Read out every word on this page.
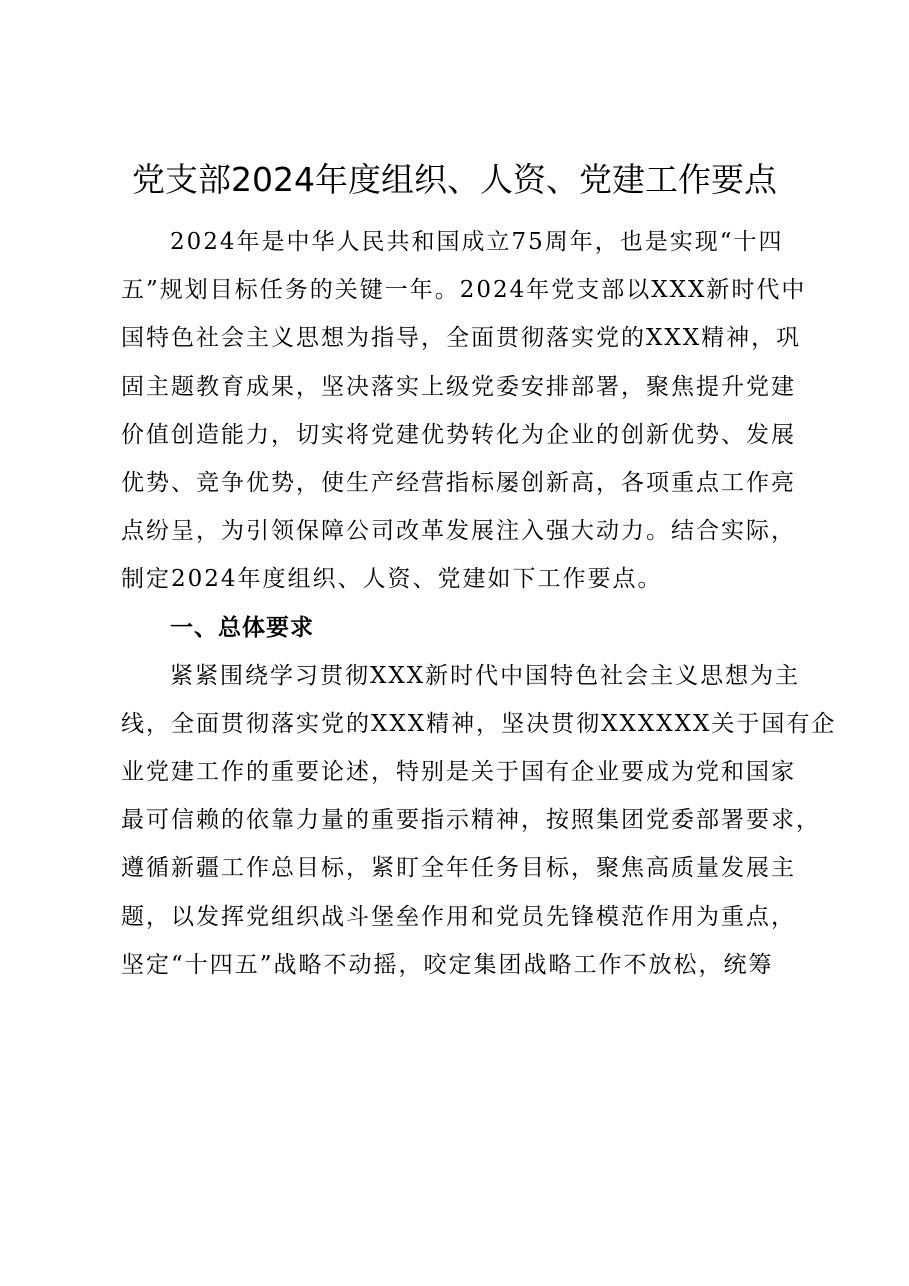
党支部2024年度组织、人资、党建工作要点
2024年是中华人民共和国成立75周年，也是实现“十四
五”规划目标任务的关键一年。2024年党支部以XXX新时代中
国特色社会主义思想为指导，全面贯彻落实党的XXX精神，巩
固主题教育成果，坚决落实上级党委安排部署，聚焦提升党建
价值创造能力，切实将党建优势转化为企业的创新优势、发展
优势、竞争优势，使生产经营指标屡创新高，各项重点工作亮
点纷呈，为引领保障公司改革发展注入强大动力。结合实际，
制定2024年度组织、人资、党建如下工作要点。
一、总体要求
紧紧围绕学习贯彻XXX新时代中国特色社会主义思想为主
线，全面贯彻落实党的XXX精神，坚决贯彻XXXXXX关于国有企
业党建工作的重要论述，特别是关于国有企业要成为党和国家
最可信赖的依靠力量的重要指示精神，按照集团党委部署要求，
遵循新疆工作总目标，紧盯全年任务目标，聚焦高质量发展主
题，以发挥党组织战斗堡垒作用和党员先锋模范作用为重点，
坚定“十四五”战略不动摇，咬定集团战略工作不放松，统筹
